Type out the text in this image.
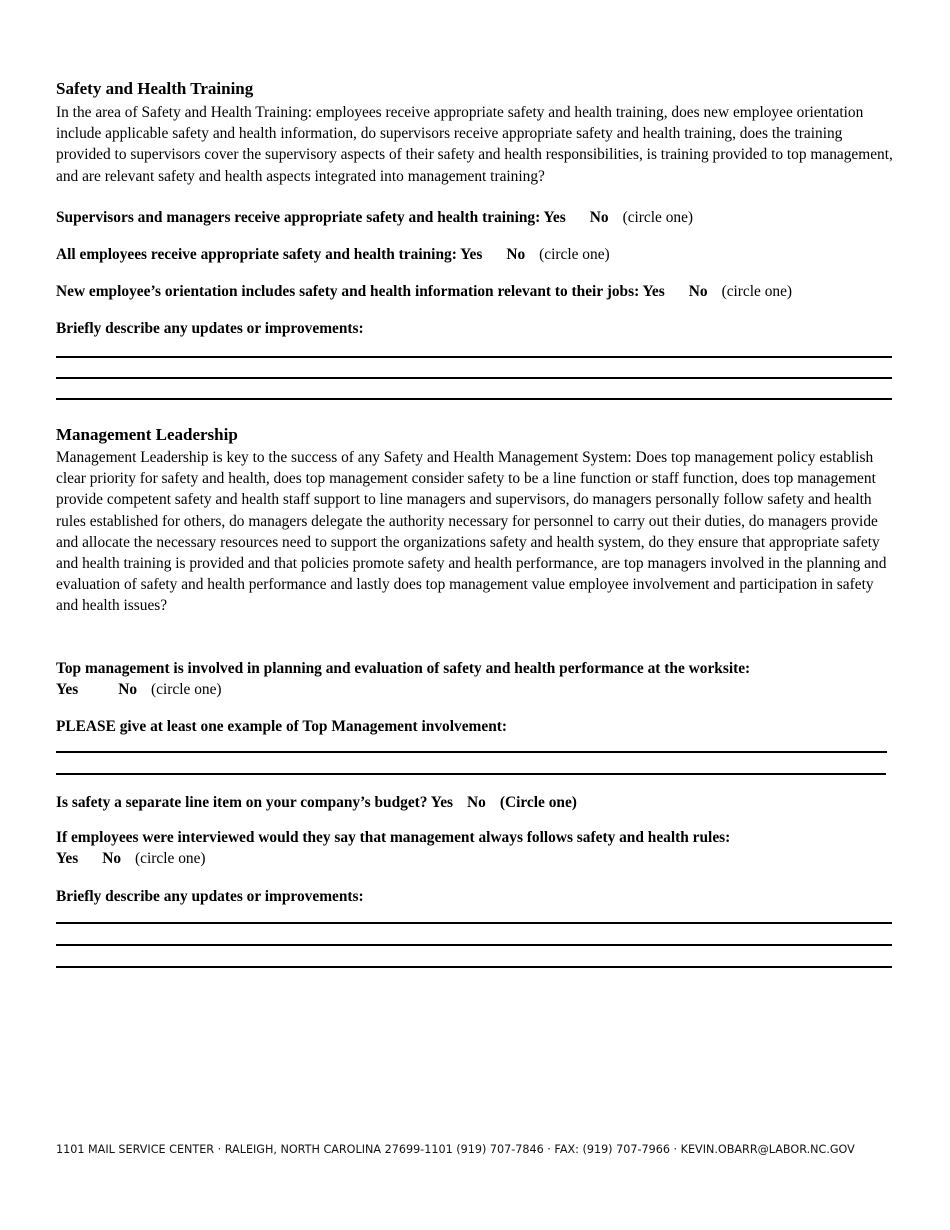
Safety and Health Training
In the area of Safety and Health Training: employees receive appropriate safety and health training, does new employee orientation include applicable safety and health information, do supervisors receive appropriate safety and health training, does the training provided to supervisors cover the supervisory aspects of their safety and health responsibilities, is training provided to top management, and are relevant safety and health aspects integrated into management training?
Supervisors and managers receive appropriate safety and health training: Yes No (circle one)
All employees receive appropriate safety and health training: Yes No (circle one)
New employee’s orientation includes safety and health information relevant to their jobs: Yes No (circle one)
Briefly describe any updates or improvements:
Management Leadership
Management Leadership is key to the success of any Safety and Health Management System: Does top management policy establish clear priority for safety and health, does top management consider safety to be a line function or staff function, does top management provide competent safety and health staff support to line managers and supervisors, do managers personally follow safety and health rules established for others, do managers delegate the authority necessary for personnel to carry out their duties, do managers provide and allocate the necessary resources need to support the organizations safety and health system, do they ensure that appropriate safety and health training is provided and that policies promote safety and health performance, are top managers involved in the planning and evaluation of safety and health performance and lastly does top management value employee involvement and participation in safety and health issues?
Top management is involved in planning and evaluation of safety and health performance at the worksite:
Yes	No (circle one)
PLEASE give at least one example of Top Management involvement:
Is safety a separate line item on your company’s budget? Yes No (Circle one)
If employees were interviewed would they say that management always follows safety and health rules:
Yes No (circle one)
Briefly describe any updates or improvements:
1101 MAIL SERVICE CENTER · RALEIGH, NORTH CAROLINA 27699-1101 (919) 707-7846 · FAX: (919) 707-7966 · KEVIN.OBARR@LABOR.NC.GOV
